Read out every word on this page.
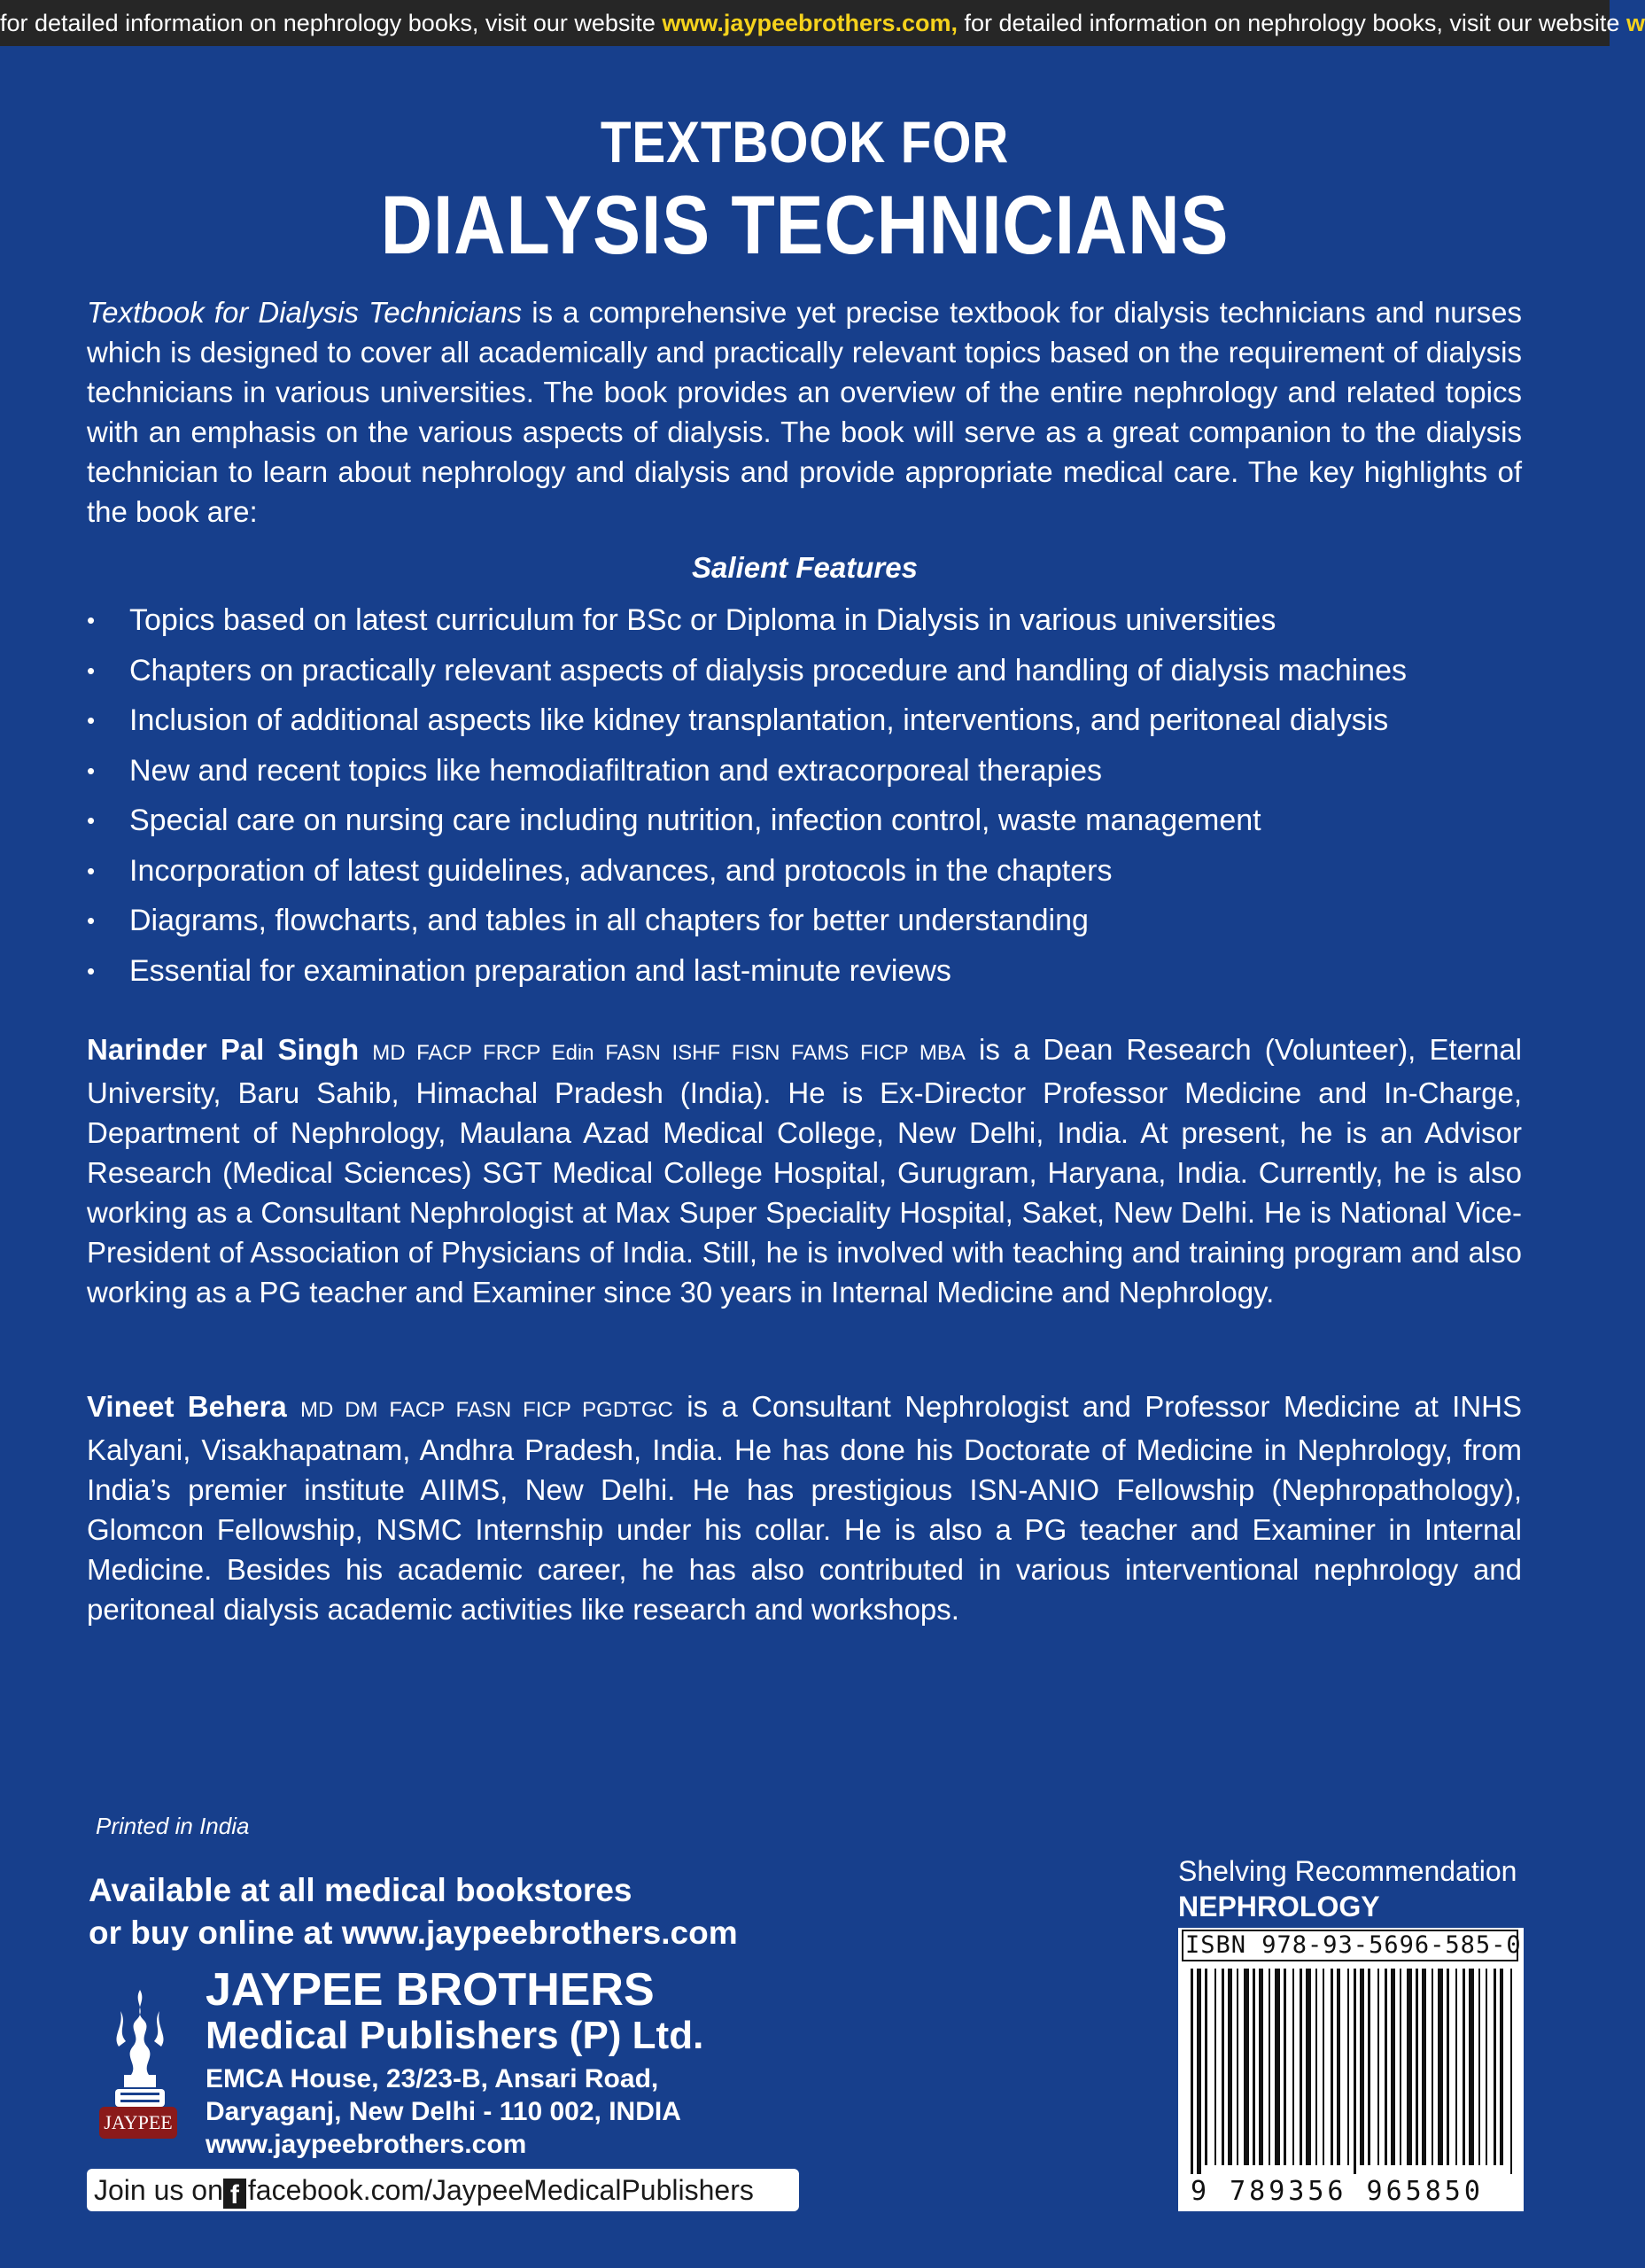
for detailed information on nephrology books, visit our website www.jaypeebrothers.com, for detailed information on nephrology books, visit our website w
TEXTBOOK FOR
DIALYSIS TECHNICIANS
Textbook for Dialysis Technicians is a comprehensive yet precise textbook for dialysis technicians and nurses which is designed to cover all academically and practically relevant topics based on the requirement of dialysis technicians in various universities. The book provides an overview of the entire nephrology and related topics with an emphasis on the various aspects of dialysis. The book will serve as a great companion to the dialysis technician to learn about nephrology and dialysis and provide appropriate medical care. The key highlights of the book are:
Salient Features
• Topics based on latest curriculum for BSc or Diploma in Dialysis in various universities
• Chapters on practically relevant aspects of dialysis procedure and handling of dialysis machines
• Inclusion of additional aspects like kidney transplantation, interventions, and peritoneal dialysis
• New and recent topics like hemodiafiltration and extracorporeal therapies
• Special care on nursing care including nutrition, infection control, waste management
• Incorporation of latest guidelines, advances, and protocols in the chapters
• Diagrams, flowcharts, and tables in all chapters for better understanding
• Essential for examination preparation and last-minute reviews
Narinder Pal Singh MD FACP FRCP Edin FASN ISHF FISN FAMS FICP MBA is a Dean Research (Volunteer), Eternal University, Baru Sahib, Himachal Pradesh (India). He is Ex-Director Professor Medicine and In-Charge, Department of Nephrology, Maulana Azad Medical College, New Delhi, India. At present, he is an Advisor Research (Medical Sciences) SGT Medical College Hospital, Gurugram, Haryana, India. Currently, he is also working as a Consultant Nephrologist at Max Super Speciality Hospital, Saket, New Delhi. He is National Vice-President of Association of Physicians of India. Still, he is involved with teaching and training program and also working as a PG teacher and Examiner since 30 years in Internal Medicine and Nephrology.
Vineet Behera MD DM FACP FASN FICP PGDTGC is a Consultant Nephrologist and Professor Medicine at INHS Kalyani, Visakhapatnam, Andhra Pradesh, India. He has done his Doctorate of Medicine in Nephrology, from India’s premier institute AIIMS, New Delhi. He has prestigious ISN-ANIO Fellowship (Nephropathology), Glomcon Fellowship, NSMC Internship under his collar. He is also a PG teacher and Examiner in Internal Medicine. Besides his academic career, he has also contributed in various interventional nephrology and peritoneal dialysis academic activities like research and workshops.
Printed in India
Available at all medical bookstores
or buy online at www.jaypeebrothers.com
JAYPEE
JAYPEE BROTHERS
Medical Publishers (P) Ltd.
EMCA House, 23/23-B, Ansari Road,
Daryaganj, New Delhi - 110 002, INDIA
www.jaypeebrothers.com
Join us on f facebook.com/JaypeeMedicalPublishers
Shelving Recommendation
NEPHROLOGY
ISBN 978-93-5696-585-0
9 789356 965850
